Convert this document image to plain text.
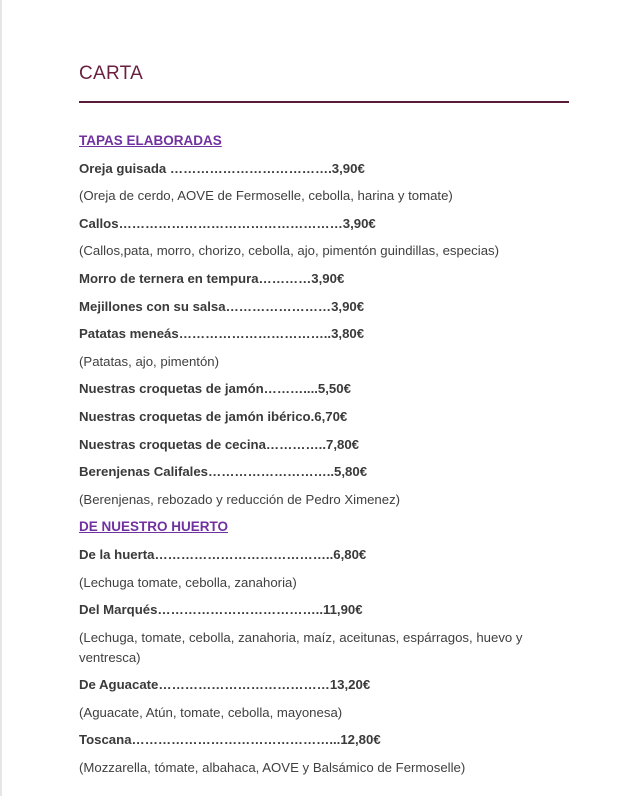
CARTA
TAPAS ELABORADAS
Oreja guisada ……………………………….3,90€
(Oreja de cerdo, AOVE de Fermoselle, cebolla, harina y tomate)
Callos……………………………………………3,90€
(Callos,pata, morro, chorizo, cebolla, ajo, pimentón guindillas, especias)
Morro de ternera en tempura…………3,90€
Mejillones con su salsa……………………3,90€
Patatas meneás……………………………..3,80€
(Patatas, ajo, pimentón)
Nuestras croquetas de jamón………....5,50€
Nuestras croquetas de jamón ibérico.6,70€
Nuestras croquetas de cecina…………..7,80€
Berenjenas Califales………………………..5,80€
(Berenjenas, rebozado y reducción de Pedro Ximenez)
DE NUESTRO HUERTO
De la huerta…………………………………..6,80€
(Lechuga tomate, cebolla, zanahoria)
Del Marqués………………………………..11,90€
(Lechuga, tomate, cebolla, zanahoria, maíz, aceitunas, espárragos, huevo y ventresca)
De Aguacate…………………………………13,20€
(Aguacate, Atún, tomate, cebolla, mayonesa)
Toscana………………………………………...12,80€
(Mozzarella, tómate, albahaca, AOVE y Balsámico de Fermoselle)
